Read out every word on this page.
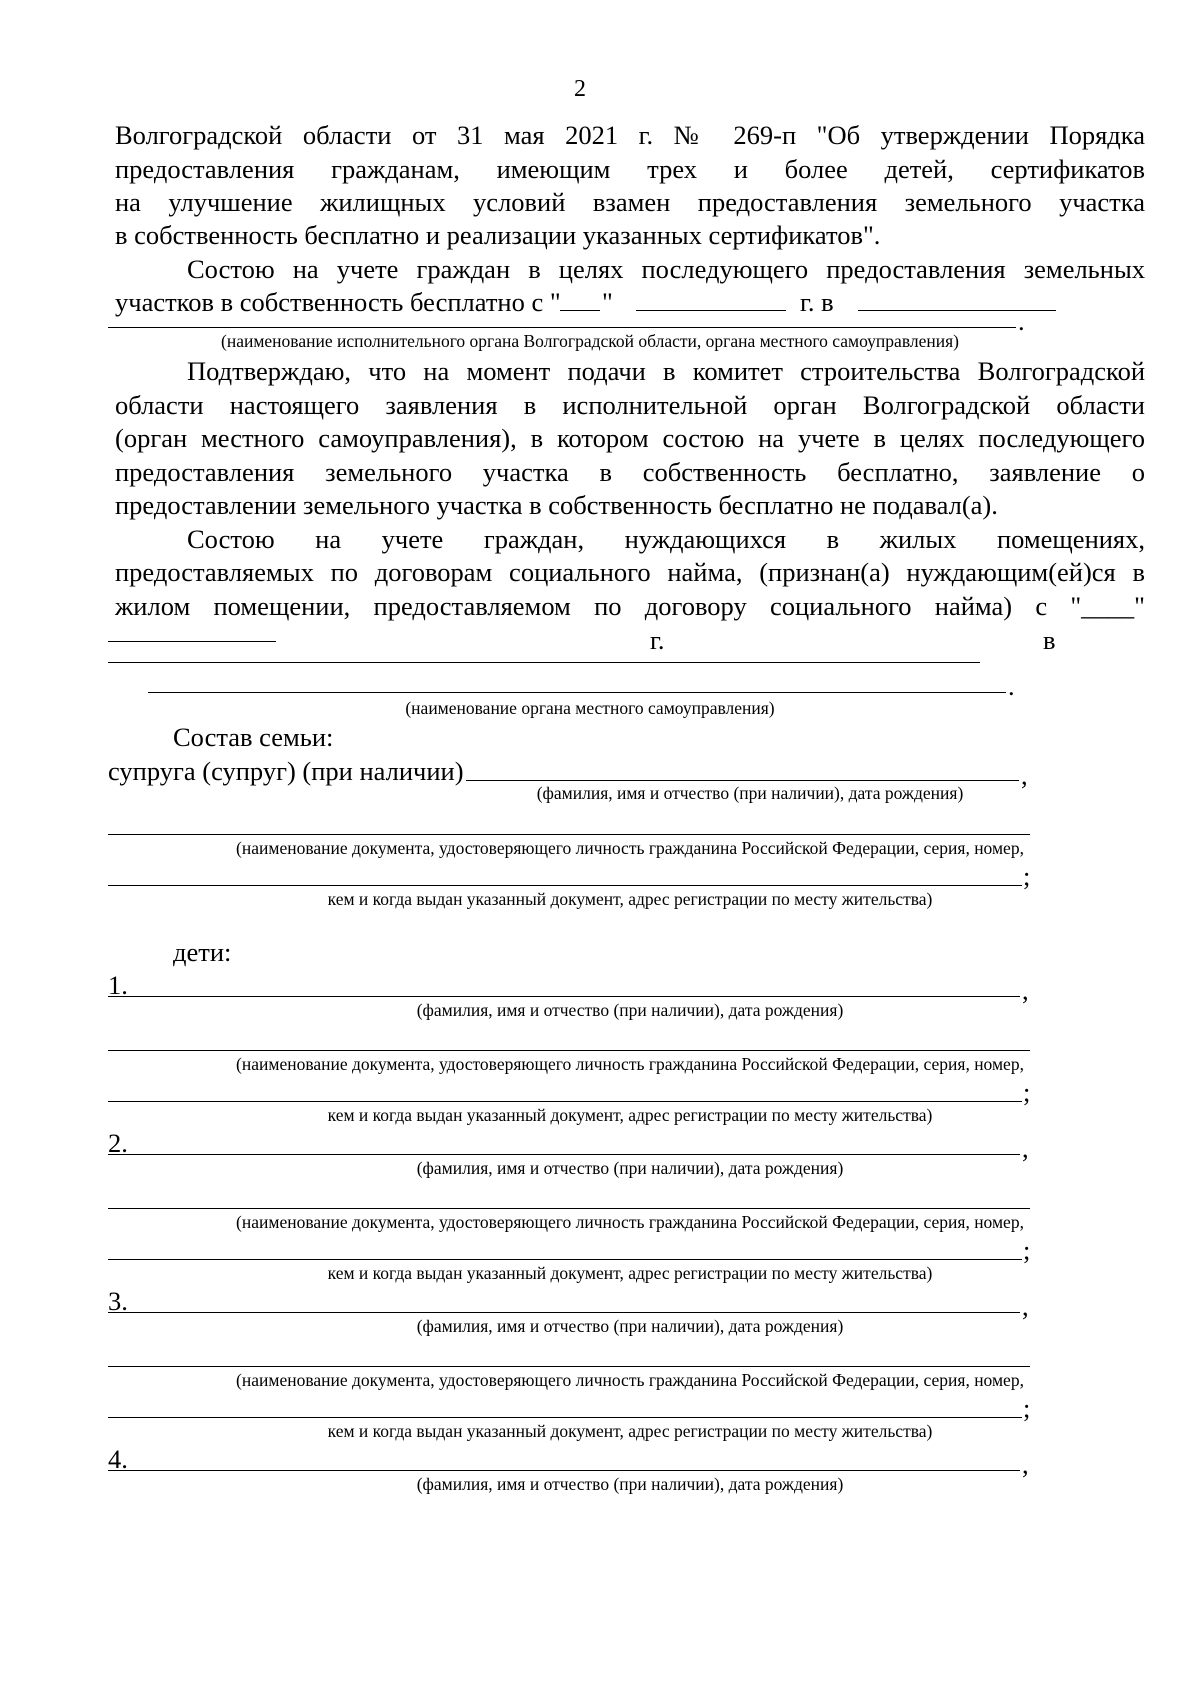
2
Волгоградской области от 31 мая 2021 г. № 269-п "Об утверждении Порядка
предоставления гражданам, имеющим трех и более детей, сертификатов
на улучшение жилищных условий взамен предоставления земельного участка
в собственность бесплатно и реализации указанных сертификатов".
Состою на учете граждан в целях последующего предоставления земельных
участков в собственность бесплатно с " "	г. в
.
(наименование исполнительного органа Волгоградской области, органа местного самоуправления)
Подтверждаю, что на момент подачи в комитет строительства Волгоградской
области настоящего заявления в исполнительной орган Волгоградской области
(орган местного самоуправления), в котором состою на учете в целях последующего
предоставления земельного участка в собственность бесплатно, заявление о
предоставлении земельного участка в собственность бесплатно не подавал(а).
Состою на учете граждан, нуждающихся в жилых помещениях,
предоставляемых по договорам социального найма, (признан(а) нуждающим(ей)ся в
жилом помещении, предоставляемом по договору социального найма) с "____"
г.	в
.
(наименование органа местного самоуправления)
Состав семьи:
супруга (супруг) (при наличии)	,
(фамилия, имя и отчество (при наличии), дата рождения)
(наименование документа, удостоверяющего личность гражданина Российской Федерации, серия, номер,
;
кем и когда выдан указанный документ, адрес регистрации по месту жительства)
дети:
1.	,
(фамилия, имя и отчество (при наличии), дата рождения)
(наименование документа, удостоверяющего личность гражданина Российской Федерации, серия, номер,
;
кем и когда выдан указанный документ, адрес регистрации по месту жительства)
2.	,
(фамилия, имя и отчество (при наличии), дата рождения)
(наименование документа, удостоверяющего личность гражданина Российской Федерации, серия, номер,
;
кем и когда выдан указанный документ, адрес регистрации по месту жительства)
3.	,
(фамилия, имя и отчество (при наличии), дата рождения)
(наименование документа, удостоверяющего личность гражданина Российской Федерации, серия, номер,
;
кем и когда выдан указанный документ, адрес регистрации по месту жительства)
4.	,
(фамилия, имя и отчество (при наличии), дата рождения)
